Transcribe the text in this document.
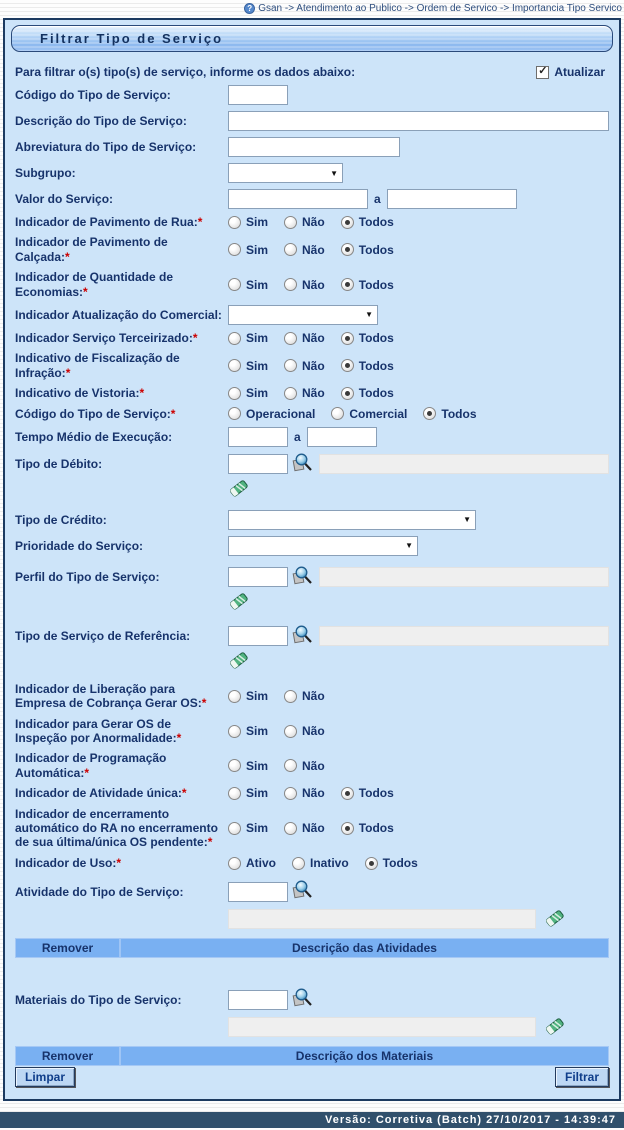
? Gsan -> Atendimento ao Publico -> Ordem de Servico -> Importancia Tipo Servico
Filtrar Tipo de Serviço
Para filtrar o(s) tipo(s) de serviço, informe os dados abaixo:	✓ Atualizar
Código do Tipo de Serviço:
Descrição do Tipo de Serviço:
Abreviatura do Tipo de Serviço:
Subgrupo:	▼
Valor do Serviço:	a
Indicador de Pavimento de Rua:*	Sim	Não	Todos
Indicador de Pavimento de Calçada:*	Sim	Não	Todos
Indicador de Quantidade de Economias:*	Sim	Não	Todos
Indicador Atualização do Comercial:	▼
Indicador Serviço Terceirizado:*	Sim	Não	Todos
Indicativo de Fiscalização de Infração:*	Sim	Não	Todos
Indicativo de Vistoria:*	Sim	Não	Todos
Código do Tipo de Serviço:*	Operacional	Comercial	Todos
Tempo Médio de Execução:	a
Tipo de Débito:
Tipo de Crédito:	▼
Prioridade do Serviço:	▼
Perfil do Tipo de Serviço:
Tipo de Serviço de Referência:
Indicador de Liberação para Empresa de Cobrança Gerar OS:*	Sim	Não
Indicador para Gerar OS de Inspeção por Anormalidade:*	Sim	Não
Indicador de Programação Automática:*	Sim	Não
Indicador de Atividade única:*	Sim	Não	Todos
Indicador de encerramento automático do RA no encerramento de sua última/única OS pendente:*
Sim	Não	Todos
Indicador de Uso:*	Ativo	Inativo	Todos
Atividade do Tipo de Serviço:
Remover	Descrição das Atividades
Materiais do Tipo de Serviço:
Remover	Descrição dos Materiais
Limpar	Filtrar
Versão: Corretiva (Batch) 27/10/2017 - 14:39:47
